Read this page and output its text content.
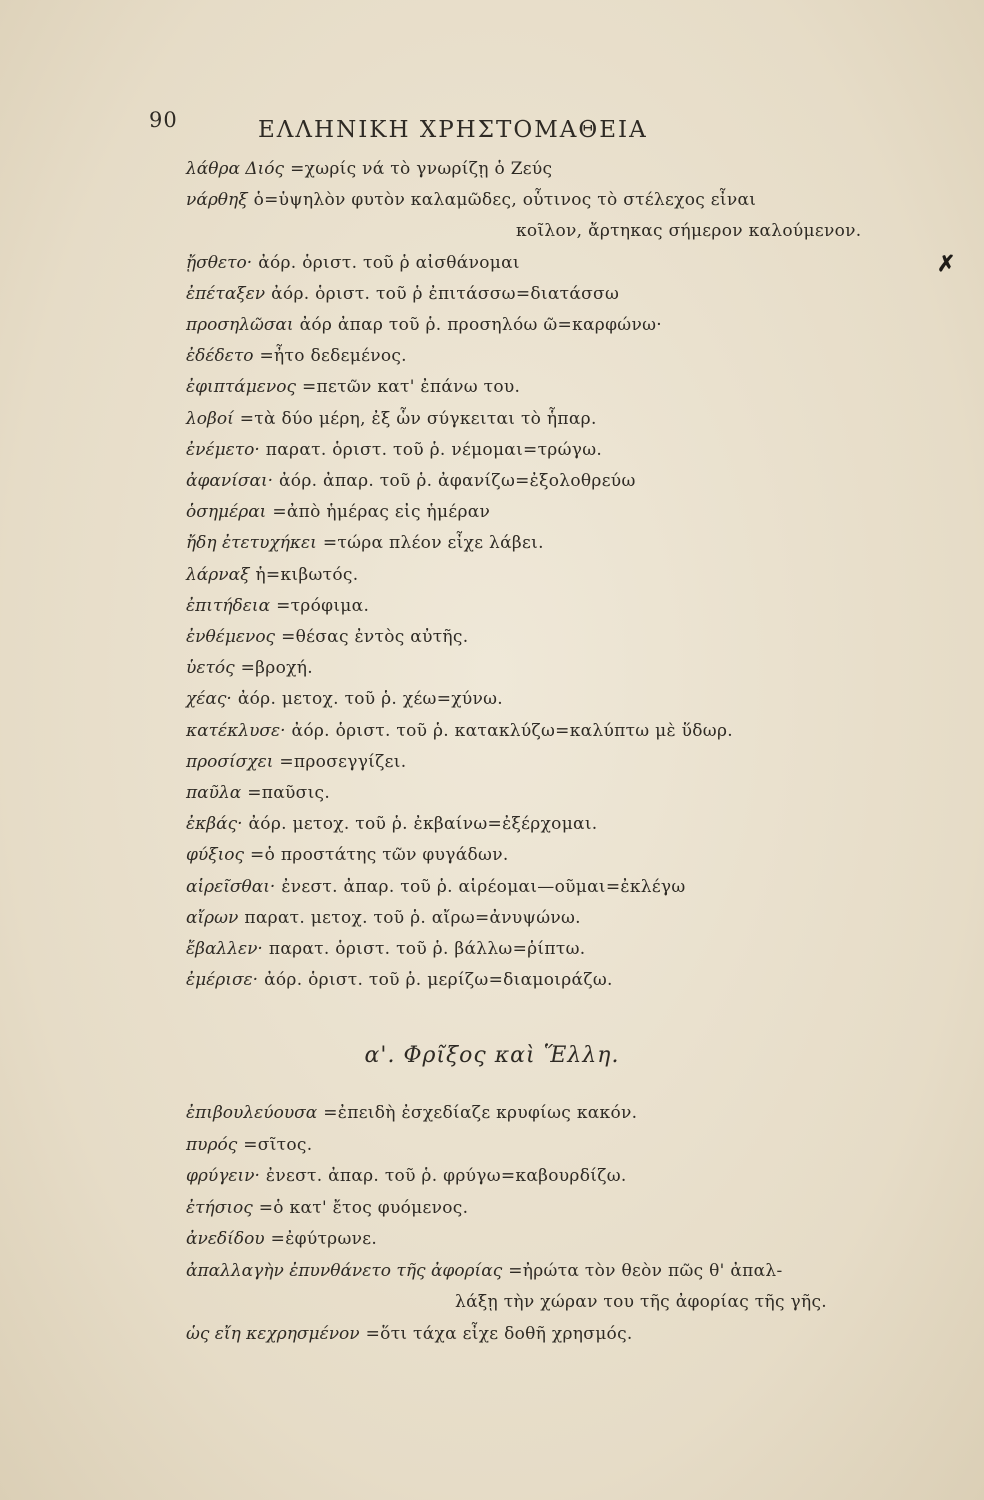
90	ΕΛΛΗΝΙΚΗ ΧΡΗΣΤΟΜΑΘΕΙΑ
✗
λάθρα Διός =χωρίς νά τὸ γνωρίζῃ ὁ Ζεύς
νάρθηξ ὁ=ὑψηλὸν φυτὸν καλαμῶδες, οὗτινος τὸ στέλεχος εἶναι
κοῖλον, ἄρτηκας σήμερον καλούμενον.
ᾔσθετο· ἀόρ. ὁριστ. τοῦ ῥ αἰσθάνομαι
ἐπέταξεν ἀόρ. ὁριστ. τοῦ ῥ ἐπιτάσσω=διατάσσω
προσηλῶσαι ἀόρ ἀπαρ τοῦ ῥ. προσηλόω ῶ=καρφώνω·
ἐδέδετο =ἦτο δεδεμένος.
ἐφιπτάμενος =πετῶν κατ' ἐπάνω του.
λοβοί =τὰ δύο μέρη, ἐξ ὧν σύγκειται τὸ ἧπαρ.
ἐνέμετο· παρατ. ὁριστ. τοῦ ῥ. νέμομαι=τρώγω.
ἀφανίσαι· ἀόρ. ἀπαρ. τοῦ ῥ. ἀφανίζω=ἐξολοθρεύω
ὁσημέραι =ἀπὸ ἡμέρας εἰς ἡμέραν
ἤδη ἐτετυχήκει =τώρα πλέον εἶχε λάβει.
λάρναξ ἡ=κιβωτός.
ἐπιτήδεια =τρόφιμα.
ἐνθέμενος =θέσας ἐντὸς αὐτῆς.
ὑετός =βροχή.
χέας· ἀόρ. μετοχ. τοῦ ῥ. χέω=χύνω.
κατέκλυσε· ἀόρ. ὁριστ. τοῦ ῥ. κατακλύζω=καλύπτω μὲ ὕδωρ.
προσίσχει =προσεγγίζει.
παῦλα =παῦσις.
ἐκβάς· ἀόρ. μετοχ. τοῦ ῥ. ἐκβαίνω=ἐξέρχομαι.
φύξιος =ὁ προστάτης τῶν φυγάδων.
αἱρεῖσθαι· ἐνεστ. ἀπαρ. τοῦ ῥ. αἱρέομαι—οῦμαι=ἐκλέγω
αἴρων παρατ. μετοχ. τοῦ ῥ. αἴρω=ἀνυψώνω.
ἔβαλλεν· παρατ. ὁριστ. τοῦ ῥ. βάλλω=ῥίπτω.
ἐμέρισε· ἀόρ. ὁριστ. τοῦ ῥ. μερίζω=διαμοιράζω.
α'. Φρῖξος καὶ Ἕλλη.
ἐπιβουλεύουσα =ἐπειδὴ ἐσχεδίαζε κρυφίως κακόν.
πυρός =σῖτος.
φρύγειν· ἐνεστ. ἀπαρ. τοῦ ῥ. φρύγω=καβουρδίζω.
ἐτήσιος =ὁ κατ' ἔτος φυόμενος.
ἀνεδίδου =ἐφύτρωνε.
ἀπαλλαγὴν ἐπυνθάνετο τῆς ἀφορίας =ἠρώτα τὸν θεὸν πῶς θ' ἀπαλ-
λάξῃ τὴν χώραν του τῆς ἀφορίας τῆς γῆς.
ὡς εἴη κεχρησμένον =ὅτι τάχα εἶχε δοθῆ χρησμός.
